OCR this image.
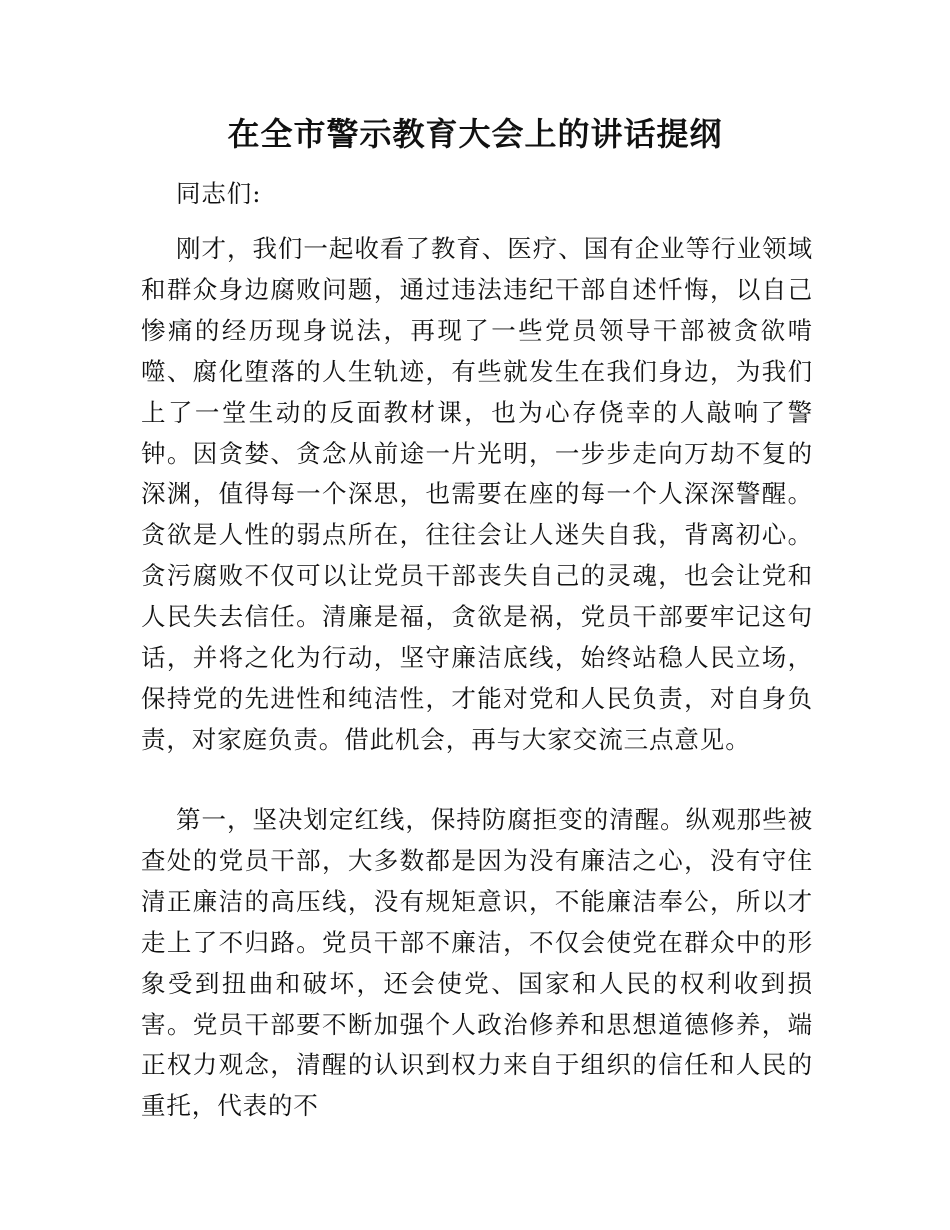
在全市警示教育大会上的讲话提纲

同志们:

刚才，我们一起收看了教育、医疗、国有企业等行业领域和群众身边腐败问题，通过违法违纪干部自述忏悔，以自己惨痛的经历现身说法，再现了一些党员领导干部被贪欲啃噬、腐化堕落的人生轨迹，有些就发生在我们身边，为我们上了一堂生动的反面教材课，也为心存侥幸的人敲响了警钟。因贪婪、贪念从前途一片光明，一步步走向万劫不复的深渊，值得每一个深思，也需要在座的每一个人深深警醒。贪欲是人性的弱点所在，往往会让人迷失自我，背离初心。贪污腐败不仅可以让党员干部丧失自己的灵魂，也会让党和人民失去信任。清廉是福，贪欲是祸，党员干部要牢记这句话，并将之化为行动，坚守廉洁底线，始终站稳人民立场，保持党的先进性和纯洁性，才能对党和人民负责，对自身负责，对家庭负责。借此机会，再与大家交流三点意见。

第一，坚决划定红线，保持防腐拒变的清醒。纵观那些被查处的党员干部，大多数都是因为没有廉洁之心，没有守住清正廉洁的高压线，没有规矩意识，不能廉洁奉公，所以才走上了不归路。党员干部不廉洁，不仅会使党在群众中的形象受到扭曲和破坏，还会使党、国家和人民的权利收到损害。党员干部要不断加强个人政治修养和思想道德修养，端正权力观念，清醒的认识到权力来自于组织的信任和人民的重托，代表的不
